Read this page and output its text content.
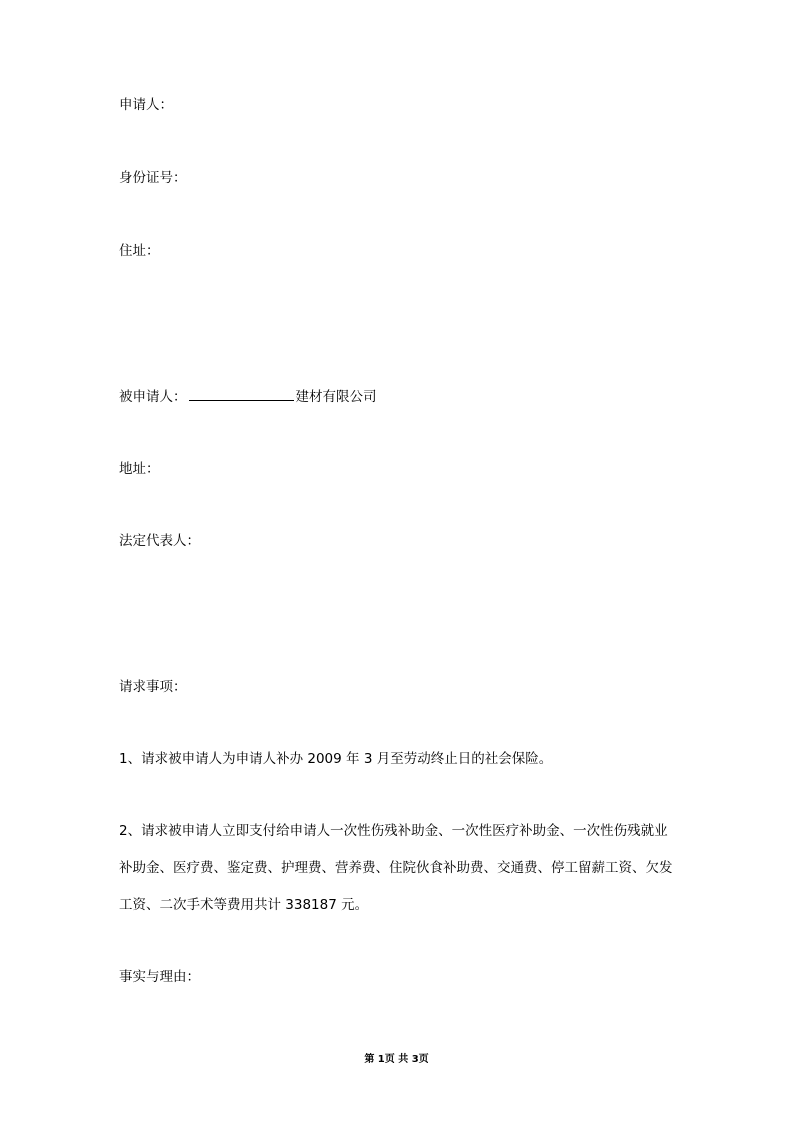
申请人：
身份证号：
住址：
被申请人：	建材有限公司
地址：
法定代表人：
请求事项：
1、请求被申请人为申请人补办 2009 年 3 月至劳动终止日的社会保险。
2、请求被申请人立即支付给申请人一次性伤残补助金、一次性医疗补助金、一次性伤残就业补助金、医疗费、鉴定费、护理费、营养费、住院伙食补助费、交通费、停工留薪工资、欠发工资、二次手术等费用共计 338187 元。
事实与理由：
第 1页 共 3页
